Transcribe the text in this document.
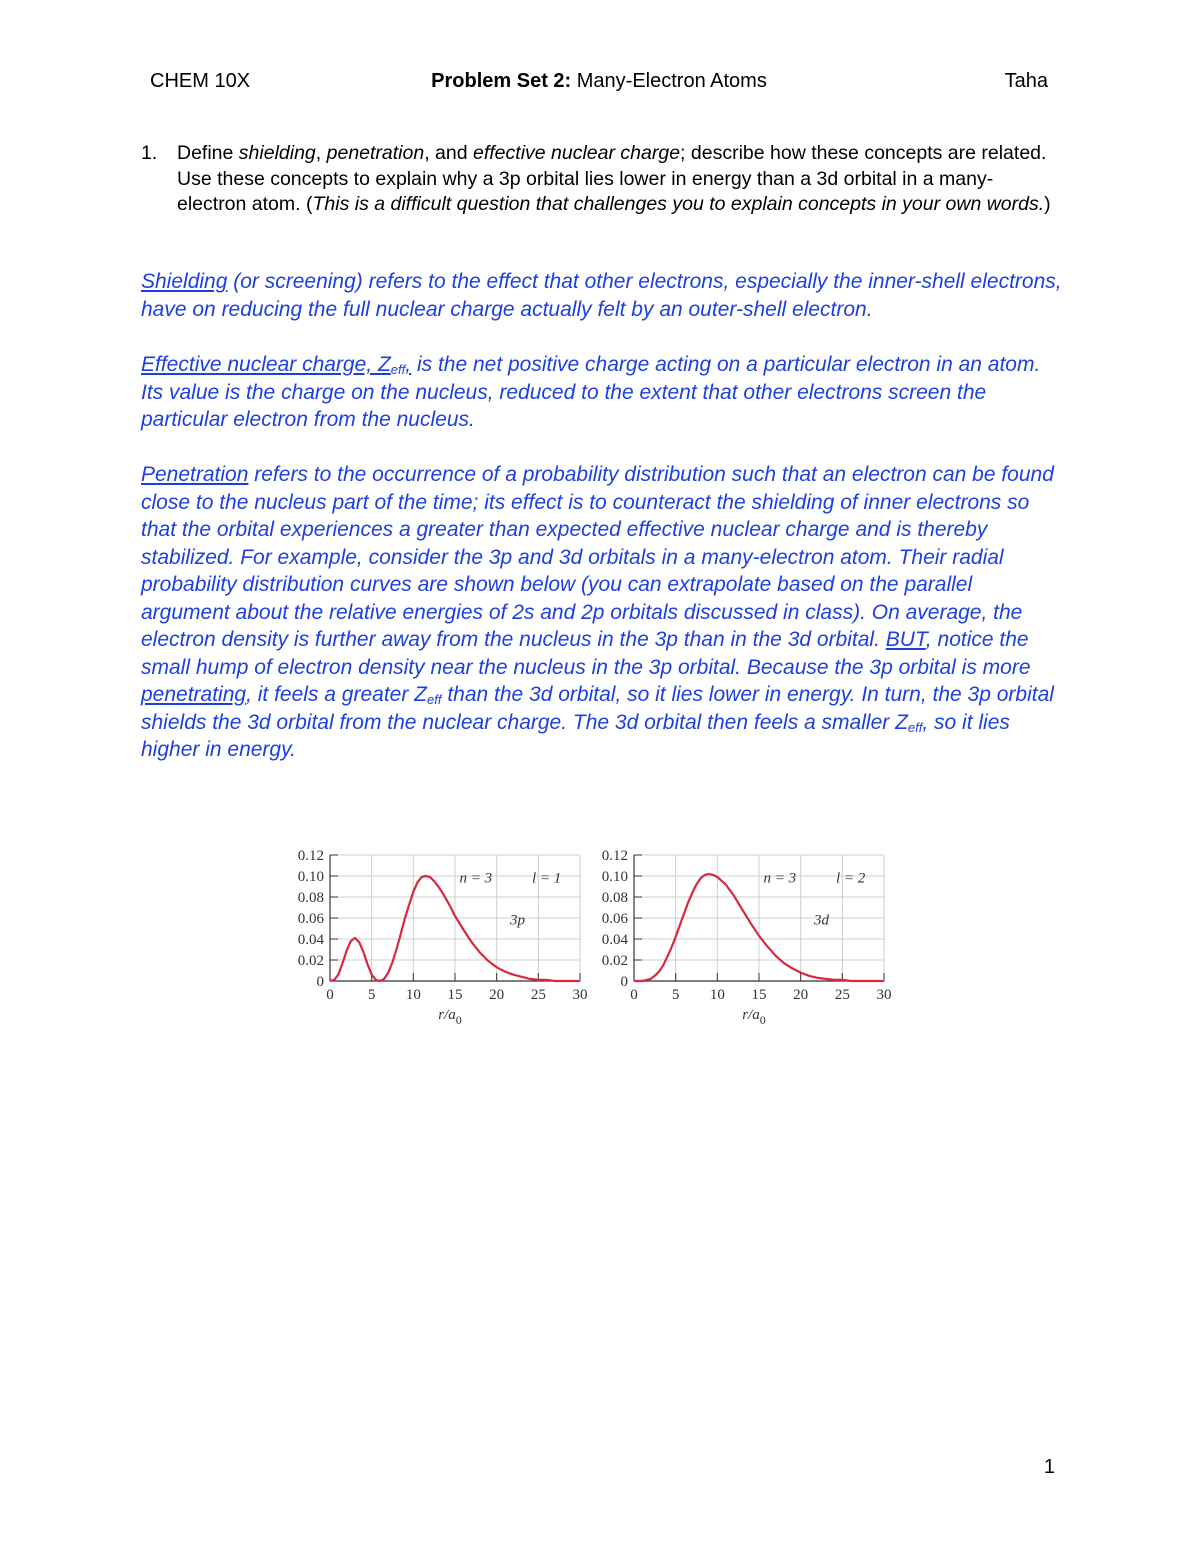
CHEM 10X	Problem Set 2: Many-Electron Atoms	Taha
1. Define shielding, penetration, and effective nuclear charge; describe how these concepts are related. Use these concepts to explain why a 3p orbital lies lower in energy than a 3d orbital in a many-electron atom. (This is a difficult question that challenges you to explain concepts in your own words.)
Shielding (or screening) refers to the effect that other electrons, especially the inner-shell electrons, have on reducing the full nuclear charge actually felt by an outer-shell electron.
Effective nuclear charge, $Z_{eff}$, is the net positive charge acting on a particular electron in an atom. Its value is the charge on the nucleus, reduced to the extent that other electrons screen the particular electron from the nucleus.
Penetration refers to the occurrence of a probability distribution such that an electron can be found close to the nucleus part of the time; its effect is to counteract the shielding of inner electrons so that the orbital experiences a greater than expected effective nuclear charge and is thereby stabilized. For example, consider the 3p and 3d orbitals in a many-electron atom. Their radial probability distribution curves are shown below (you can extrapolate based on the parallel argument about the relative energies of 2s and 2p orbitals discussed in class). On average, the electron density is further away from the nucleus in the 3p than in the 3d orbital. BUT, notice the small hump of electron density near the nucleus in the 3p orbital. Because the 3p orbital is more penetrating, it feels a greater $Z_{eff}$ than the 3d orbital, so it lies lower in energy. In turn, the 3p orbital shields the 3d orbital from the nuclear charge. The 3d orbital then feels a smaller $Z_{eff}$, so it lies higher in energy.
0
0.02
0.04
0.06
0.08
0.10
0.12
0 5 10 15 20 25 30
$r/a_0$
n = 3	l = 1
3p
0
0.02
0.04
0.06
0.08
0.10
0.12
0 5 10 15 20 25 30
$r/a_0$
n = 3	l = 2
3d
1
